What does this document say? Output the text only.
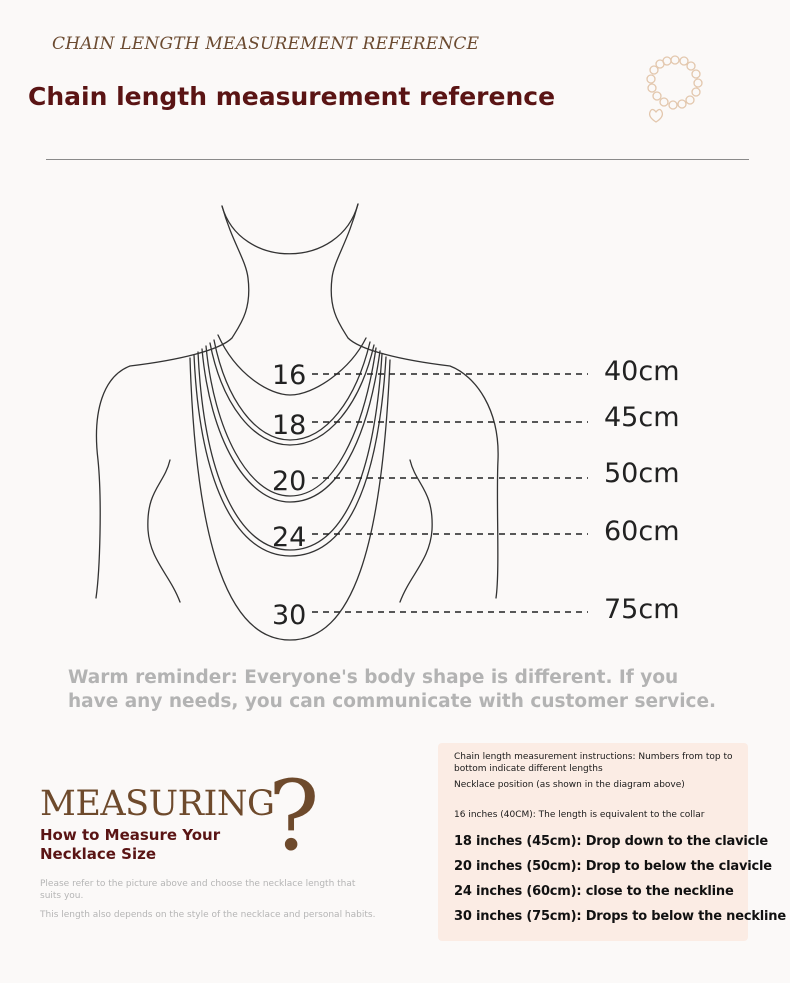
CHAIN LENGTH MEASUREMENT REFERENCE
Chain length measurement reference
16
18
20
24
30
40cm
45cm
50cm
60cm
75cm
Warm reminder: Everyone's body shape is different. If you have any needs, you can communicate with customer service.
MEASURING
?
How to Measure Your Necklace Size
Please refer to the picture above and choose the necklace length that suits you.
This length also depends on the style of the necklace and personal habits.
Chain length measurement instructions: Numbers from top to bottom indicate different lengths
Necklace position (as shown in the diagram above)
16 inches (40CM): The length is equivalent to the collar
18 inches (45cm): Drop down to the clavicle
20 inches (50cm): Drop to below the clavicle
24 inches (60cm): close to the neckline
30 inches (75cm): Drops to below the neckline
